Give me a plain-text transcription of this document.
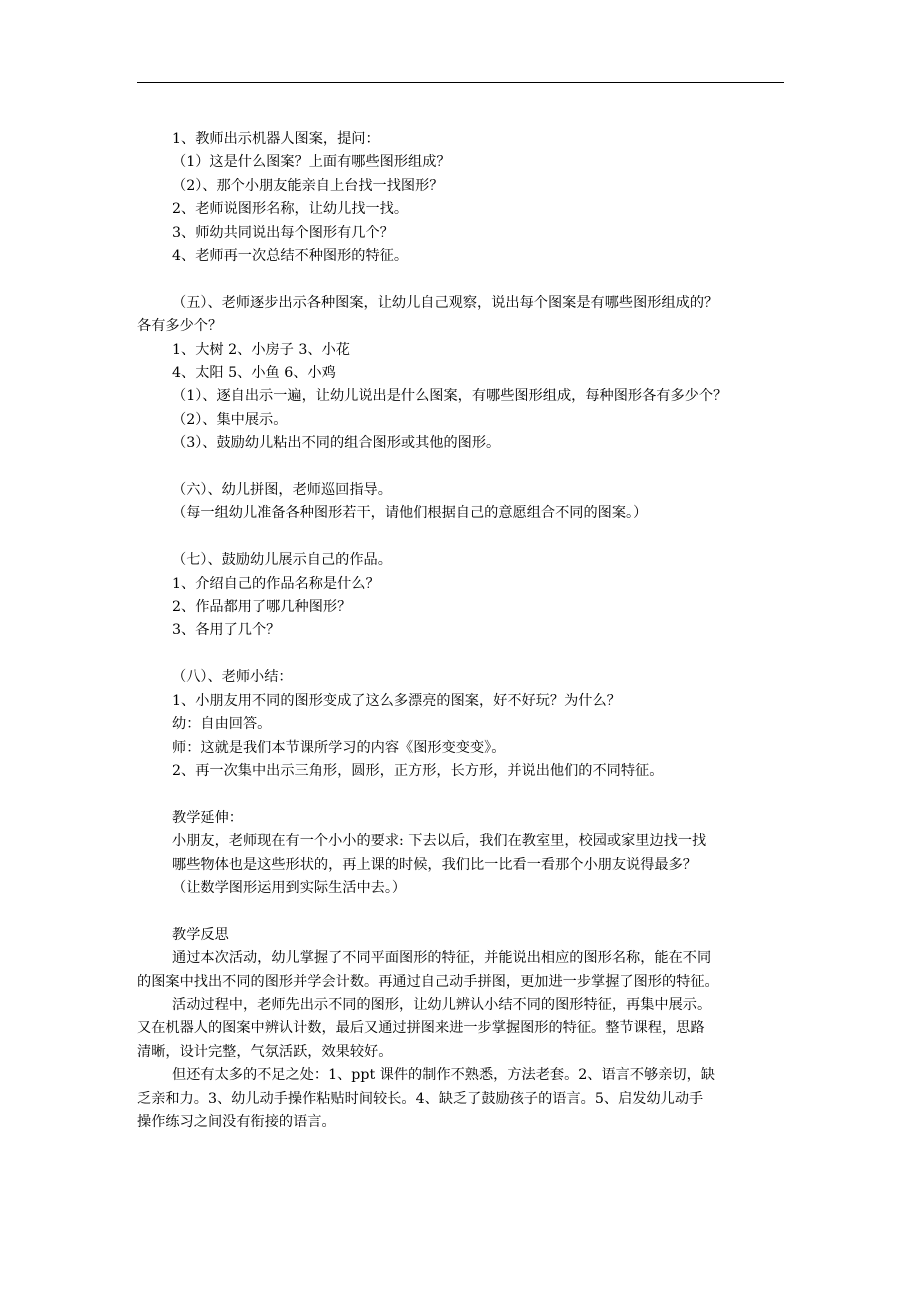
1、教师出示机器人图案，提问：
（1）这是什么图案？上面有哪些图形组成？
（2）、那个小朋友能亲自上台找一找图形？
2、老师说图形名称，让幼儿找一找。
3、师幼共同说出每个图形有几个？
4、老师再一次总结不种图形的特征。
（五）、老师逐步出示各种图案，让幼儿自己观察，说出每个图案是有哪些图形组成的？
各有多少个？
1、大树 2、小房子 3、小花
4、太阳 5、小鱼 6、小鸡
（1）、逐自出示一遍，让幼儿说出是什么图案，有哪些图形组成，每种图形各有多少个？
（2）、集中展示。
（3）、鼓励幼儿粘出不同的组合图形或其他的图形。
（六）、幼儿拼图，老师巡回指导。
（每一组幼儿准备各种图形若干，请他们根据自己的意愿组合不同的图案。）
（七）、鼓励幼儿展示自己的作品。
1、介绍自己的作品名称是什么？
2、作品都用了哪几种图形？
3、各用了几个？
（八）、老师小结：
1、小朋友用不同的图形变成了这么多漂亮的图案，好不好玩？为什么？
幼：自由回答。
师：这就是我们本节课所学习的内容《图形变变变》。
2、再一次集中出示三角形，圆形，正方形，长方形，并说出他们的不同特征。
教学延伸：
小朋友，老师现在有一个小小的要求: 下去以后，我们在教室里，校园或家里边找一找
哪些物体也是这些形状的，再上课的时候，我们比一比看一看那个小朋友说得最多？
（让数学图形运用到实际生活中去。）
教学反思
通过本次活动，幼儿掌握了不同平面图形的特征，并能说出相应的图形名称，能在不同
的图案中找出不同的图形并学会计数。再通过自己动手拼图，更加进一步掌握了图形的特征。
活动过程中，老师先出示不同的图形，让幼儿辨认小结不同的图形特征，再集中展示。
又在机器人的图案中辨认计数，最后又通过拼图来进一步掌握图形的特征。整节课程，思路
清晰，设计完整，气氛活跃，效果较好。
但还有太多的不足之处：1、ppt 课件的制作不熟悉，方法老套。2、语言不够亲切，缺
乏亲和力。3、幼儿动手操作粘贴时间较长。4、缺乏了鼓励孩子的语言。5、启发幼儿动手
操作练习之间没有衔接的语言。
